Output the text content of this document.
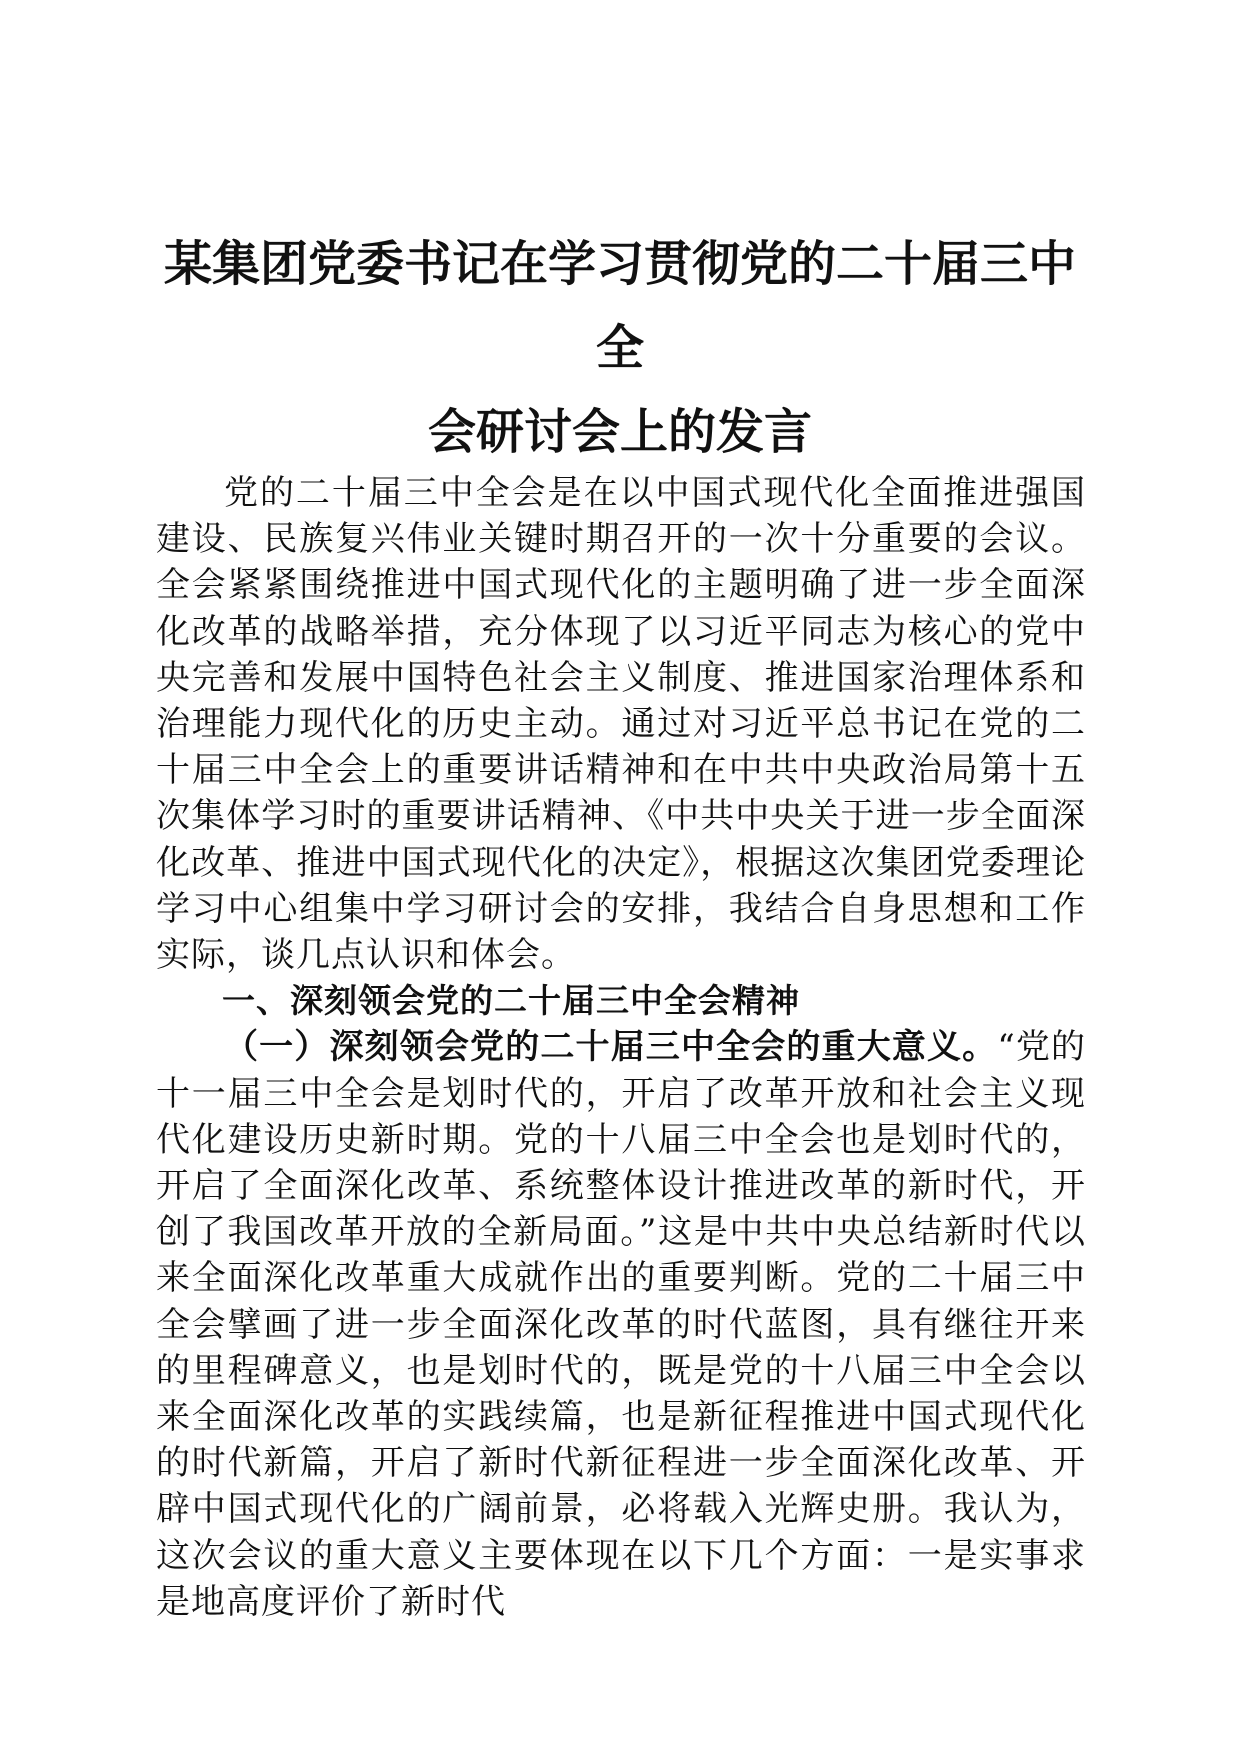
某集团党委书记在学习贯彻党的二十届三中全
会研讨会上的发言

党的二十届三中全会是在以中国式现代化全面推进强国建设、民族复兴伟业关键时期召开的一次十分重要的会议。全会紧紧围绕推进中国式现代化的主题明确了进一步全面深化改革的战略举措，充分体现了以习近平同志为核心的党中央完善和发展中国特色社会主义制度、推进国家治理体系和治理能力现代化的历史主动。通过对习近平总书记在党的二十届三中全会上的重要讲话精神和在中共中央政治局第十五次集体学习时的重要讲话精神、《中共中央关于进一步全面深化改革、推进中国式现代化的决定》，根据这次集团党委理论学习中心组集中学习研讨会的安排，我结合自身思想和工作实际，谈几点认识和体会。

一、深刻领会党的二十届三中全会精神

（一）深刻领会党的二十届三中全会的重大意义。“党的十一届三中全会是划时代的，开启了改革开放和社会主义现代化建设历史新时期。党的十八届三中全会也是划时代的，开启了全面深化改革、系统整体设计推进改革的新时代，开创了我国改革开放的全新局面。”这是中共中央总结新时代以来全面深化改革重大成就作出的重要判断。党的二十届三中全会擘画了进一步全面深化改革的时代蓝图，具有继往开来的里程碑意义，也是划时代的，既是党的十八届三中全会以来全面深化改革的实践续篇，也是新征程推进中国式现代化的时代新篇，开启了新时代新征程进一步全面深化改革、开辟中国式现代化的广阔前景，必将载入光辉史册。我认为，这次会议的重大意义主要体现在以下几个方面：一是实事求是地高度评价了新时代
